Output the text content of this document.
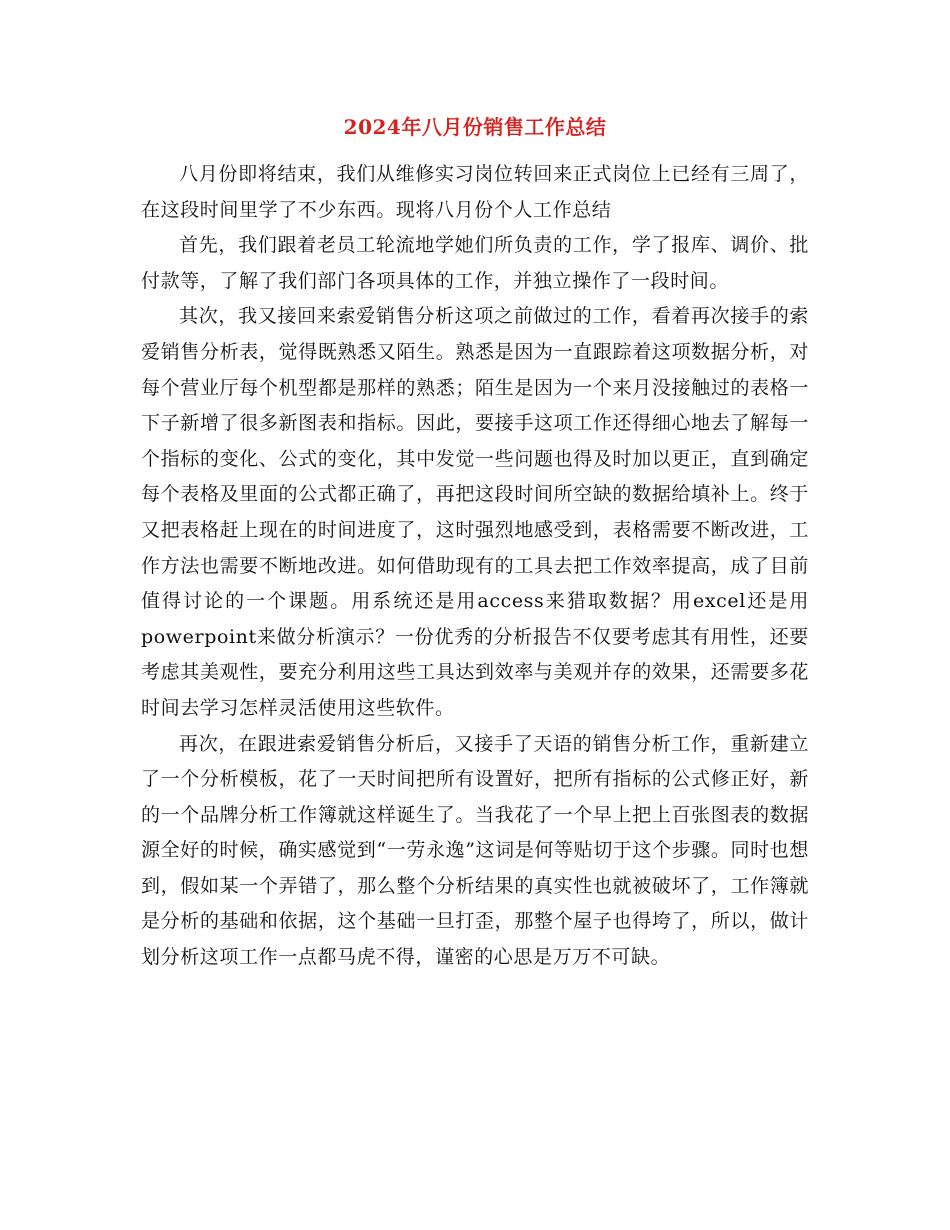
2024年八月份销售工作总结

八月份即将结束，我们从维修实习岗位转回来正式岗位上已经有三周了，在这段时间里学了不少东西。现将八月份个人工作总结

首先，我们跟着老员工轮流地学她们所负责的工作，学了报库、调价、批付款等，了解了我们部门各项具体的工作，并独立操作了一段时间。

其次，我又接回来索爱销售分析这项之前做过的工作，看着再次接手的索爱销售分析表，觉得既熟悉又陌生。熟悉是因为一直跟踪着这项数据分析，对每个营业厅每个机型都是那样的熟悉；陌生是因为一个来月没接触过的表格一下子新增了很多新图表和指标。因此，要接手这项工作还得细心地去了解每一个指标的变化、公式的变化，其中发觉一些问题也得及时加以更正，直到确定每个表格及里面的公式都正确了，再把这段时间所空缺的数据给填补上。终于又把表格赶上现在的时间进度了，这时强烈地感受到，表格需要不断改进，工作方法也需要不断地改进。如何借助现有的工具去把工作效率提高，成了目前值得讨论的一个课题。用系统还是用access来猎取数据？用excel还是用powerpoint来做分析演示？一份优秀的分析报告不仅要考虑其有用性，还要考虑其美观性，要充分利用这些工具达到效率与美观并存的效果，还需要多花时间去学习怎样灵活使用这些软件。

再次，在跟进索爱销售分析后，又接手了天语的销售分析工作，重新建立了一个分析模板，花了一天时间把所有设置好，把所有指标的公式修正好，新的一个品牌分析工作簿就这样诞生了。当我花了一个早上把上百张图表的数据源全好的时候，确实感觉到“一劳永逸”这词是何等贴切于这个步骤。同时也想到，假如某一个弄错了，那么整个分析结果的真实性也就被破坏了，工作簿就是分析的基础和依据，这个基础一旦打歪，那整个屋子也得垮了，所以，做计划分析这项工作一点都马虎不得，谨密的心思是万万不可缺。
